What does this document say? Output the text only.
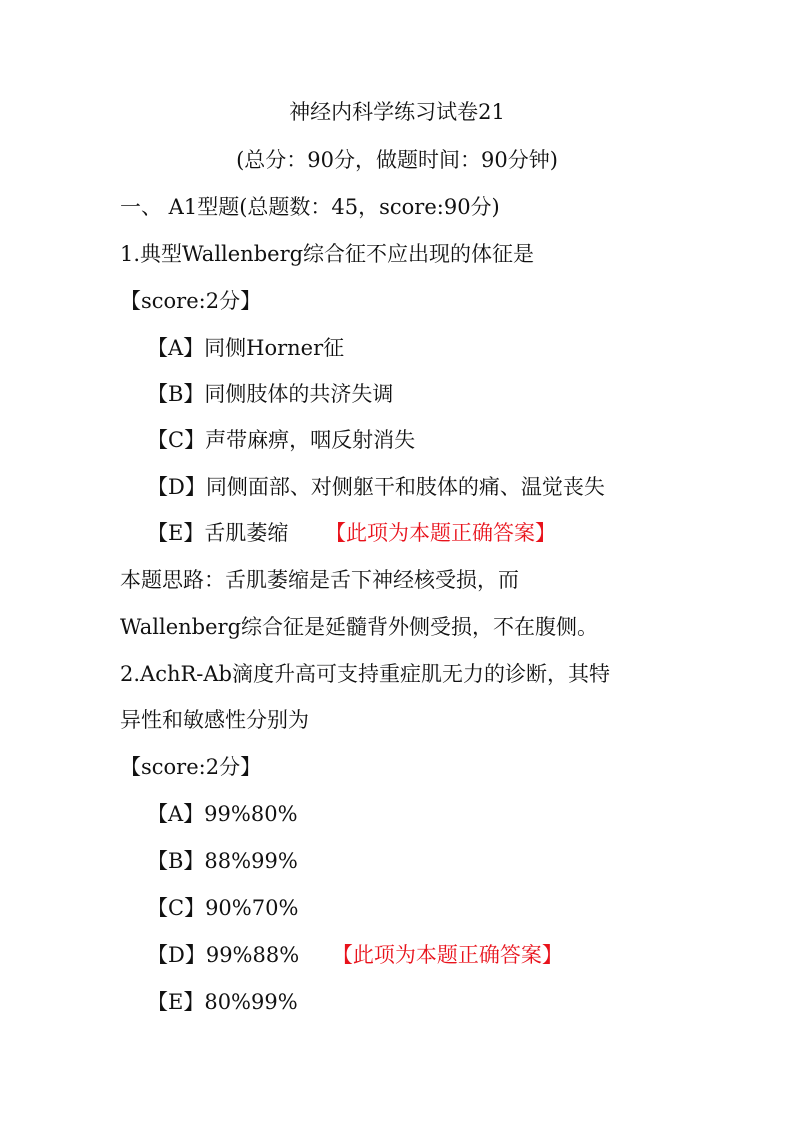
神经内科学练习试卷21
(总分：90分，做题时间：90分钟)
一、 A1型题(总题数：45，score:90分)
1.典型Wallenberg综合征不应出现的体征是
【score:2分】
【A】同侧Horner征
【B】同侧肢体的共济失调
【C】声带麻痹，咽反射消失
【D】同侧面部、对侧躯干和肢体的痛、温觉丧失
【E】舌肌萎缩 【此项为本题正确答案】
本题思路：舌肌萎缩是舌下神经核受损，而
Wallenberg综合征是延髓背外侧受损，不在腹侧。
2.AchR-Ab滴度升高可支持重症肌无力的诊断，其特
异性和敏感性分别为
【score:2分】
【A】99%80%
【B】88%99%
【C】90%70%
【D】99%88% 【此项为本题正确答案】
【E】80%99%
